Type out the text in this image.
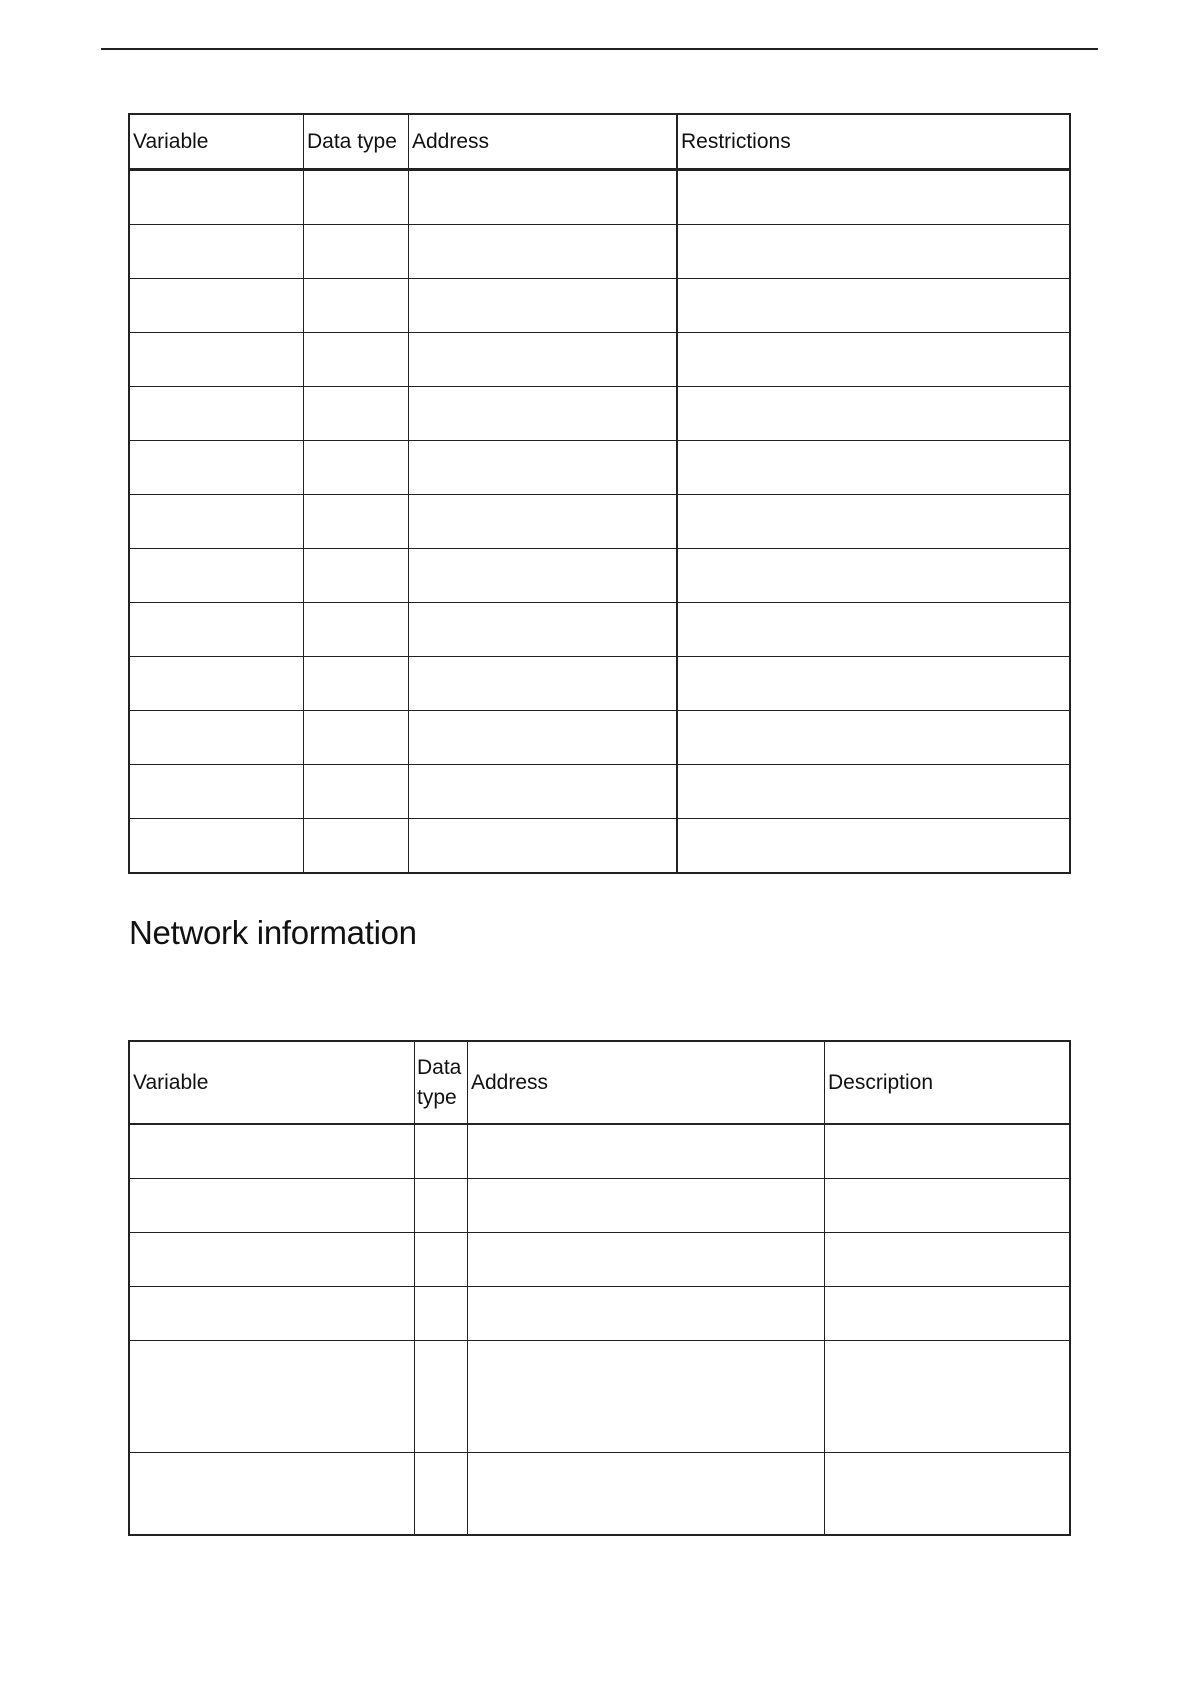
Variable	Data type	Address	Restrictions

Network information
Variable	Data type	Address	Description
